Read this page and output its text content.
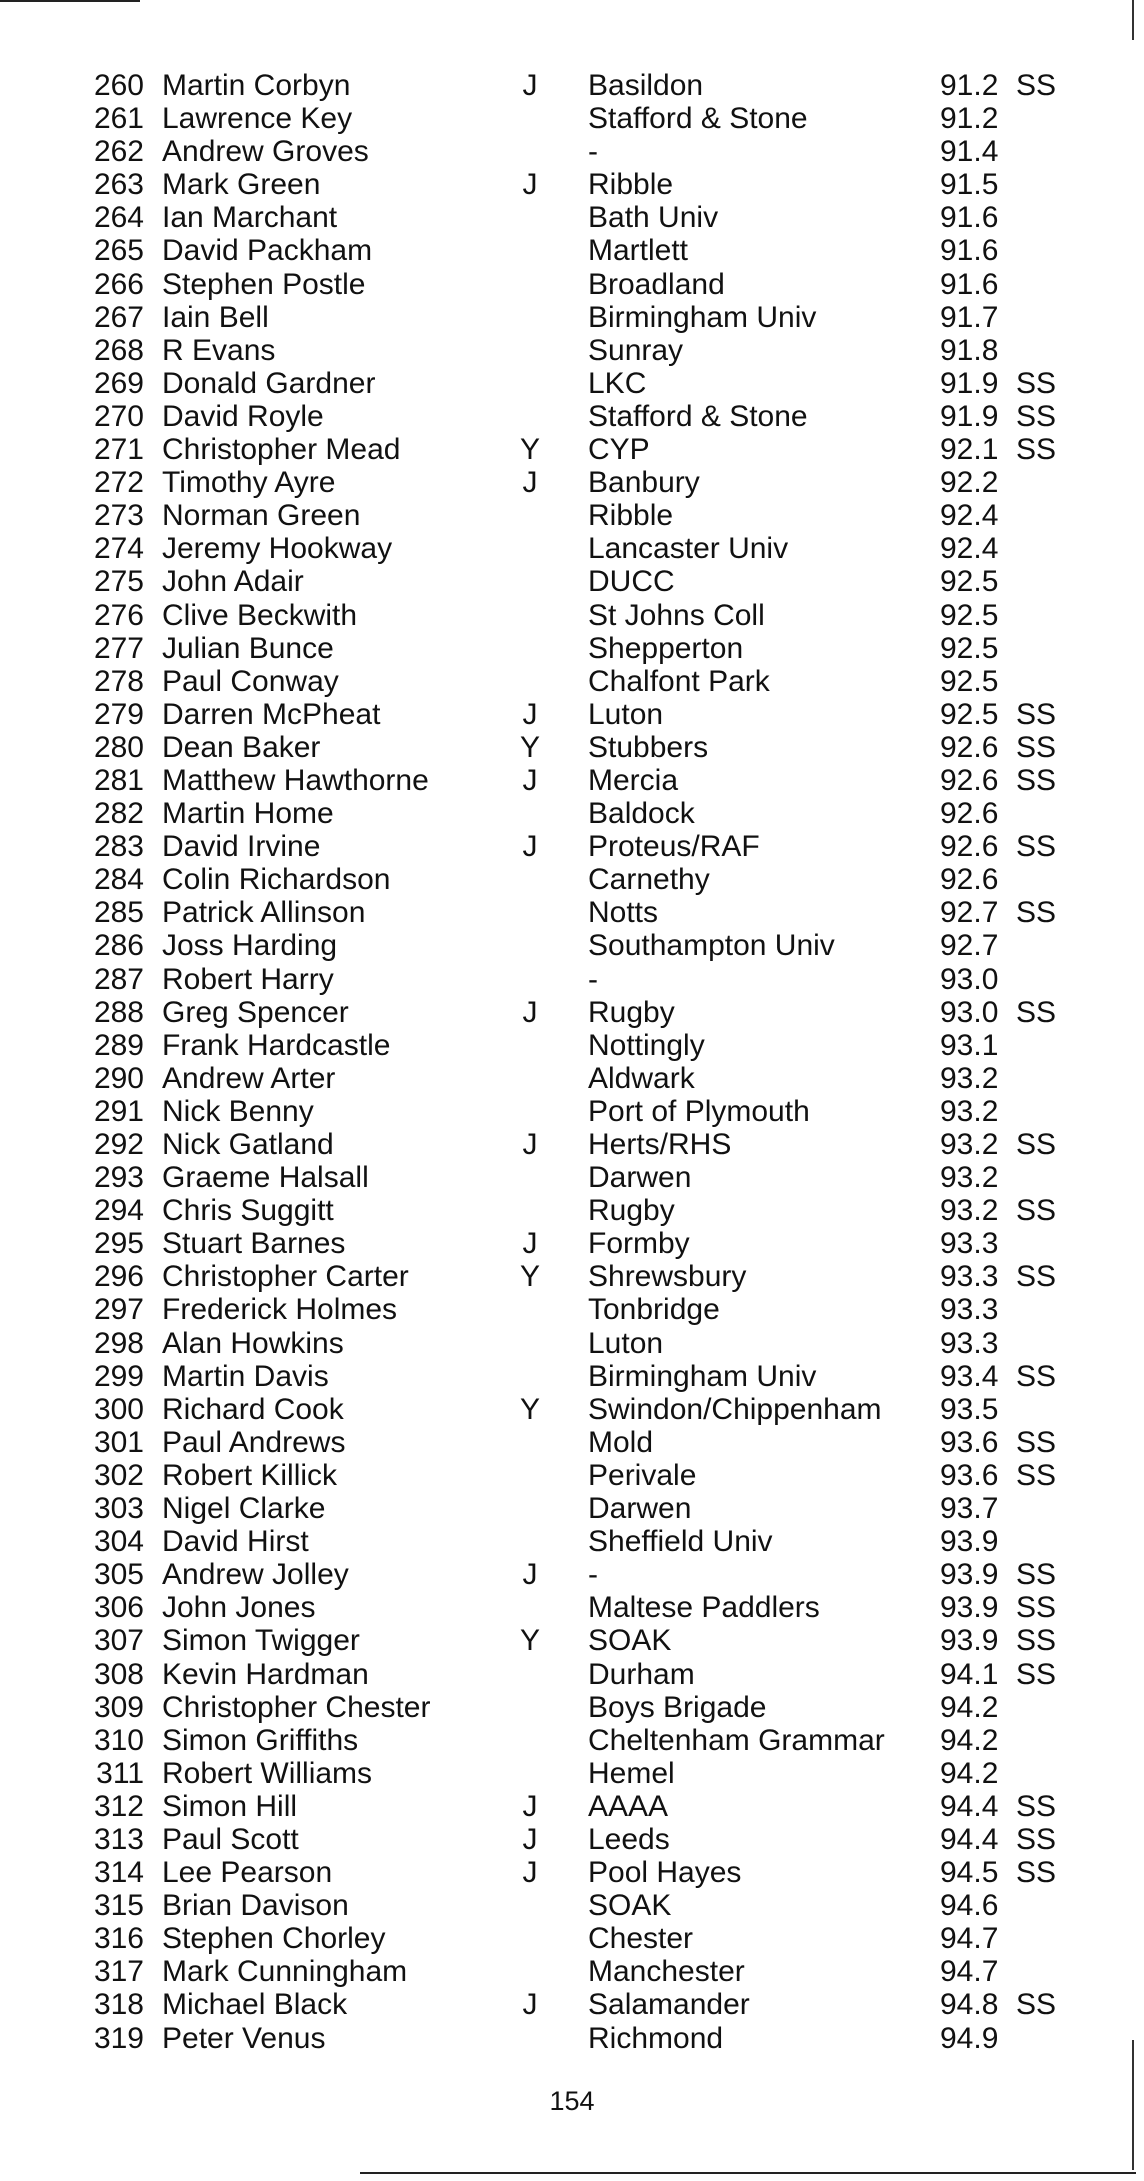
260 Martin Corbyn	J	Basildon	91.2 SS
261 Lawrence Key	Stafford & Stone	91.2
262 Andrew Groves	-	91.4
263 Mark Green	J	Ribble	91.5
264 Ian Marchant	Bath Univ	91.6
265 David Packham	Martlett	91.6
266 Stephen Postle	Broadland	91.6
267 Iain Bell	Birmingham Univ	91.7
268 R Evans	Sunray	91.8
269 Donald Gardner	LKC	91.9 SS
270 David Royle	Stafford & Stone	91.9 SS
271 Christopher Mead	Y	CYP	92.1 SS
272 Timothy Ayre	J	Banbury	92.2
273 Norman Green	Ribble	92.4
274 Jeremy Hookway	Lancaster Univ	92.4
275 John Adair	DUCC	92.5
276 Clive Beckwith	St Johns Coll	92.5
277 Julian Bunce	Shepperton	92.5
278 Paul Conway	Chalfont Park	92.5
279 Darren McPheat	J	Luton	92.5 SS
280 Dean Baker	Y	Stubbers	92.6 SS
281 Matthew Hawthorne	J	Mercia	92.6 SS
282 Martin Home	Baldock	92.6
283 David Irvine	J	Proteus/RAF	92.6 SS
284 Colin Richardson	Carnethy	92.6
285 Patrick Allinson	Notts	92.7 SS
286 Joss Harding	Southampton Univ	92.7
287 Robert Harry	-	93.0
288 Greg Spencer	J	Rugby	93.0 SS
289 Frank Hardcastle	Nottingly	93.1
290 Andrew Arter	Aldwark	93.2
291 Nick Benny	Port of Plymouth	93.2
292 Nick Gatland	J	Herts/RHS	93.2 SS
293 Graeme Halsall	Darwen	93.2
294 Chris Suggitt	Rugby	93.2 SS
295 Stuart Barnes	J	Formby	93.3
296 Christopher Carter	Y	Shrewsbury	93.3 SS
297 Frederick Holmes	Tonbridge	93.3
298 Alan Howkins	Luton	93.3
299 Martin Davis	Birmingham Univ	93.4 SS
300 Richard Cook	Y	Swindon/Chippenham 93.5
301 Paul Andrews	Mold	93.6 SS
302 Robert Killick	Perivale	93.6 SS
303 Nigel Clarke	Darwen	93.7
304 David Hirst	Sheffield Univ	93.9
305 Andrew Jolley	J	-	93.9 SS
306 John Jones	Maltese Paddlers	93.9 SS
307 Simon Twigger	Y	SOAK	93.9 SS
308 Kevin Hardman	Durham	94.1 SS
309 Christopher Chester	Boys Brigade	94.2
310 Simon Griffiths	Cheltenham Grammar 94.2
311 Robert Williams	Hemel	94.2
312 Simon Hill	J	AAAA	94.4 SS
313 Paul Scott	J	Leeds	94.4 SS
314 Lee Pearson	J	Pool Hayes	94.5 SS
315 Brian Davison	SOAK	94.6
316 Stephen Chorley	Chester	94.7
317 Mark Cunningham	Manchester	94.7
318 Michael Black	J	Salamander	94.8 SS
319 Peter Venus	Richmond	94.9
154
